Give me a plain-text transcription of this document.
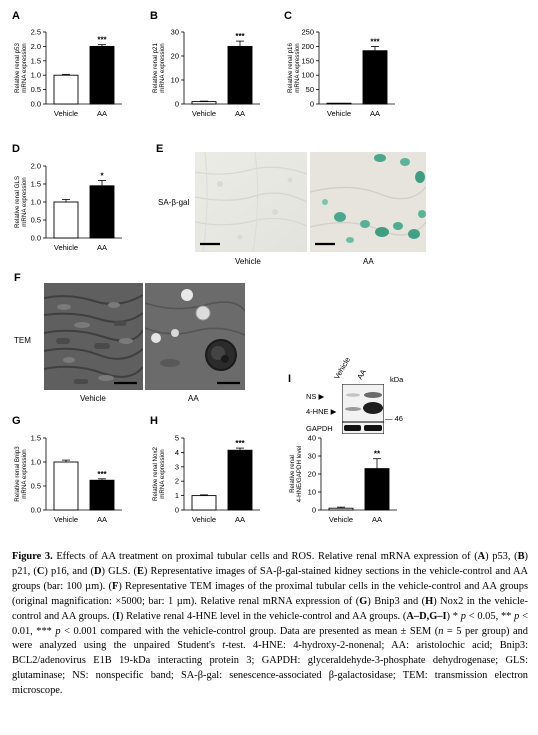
A	B	C
D	E
F
G	H
I
Relative renal p53mRNA expression
0.0
0.5
1.0
1.5
2.0
2.5
Vehicle	AA
***
Relative renal p21mRNA expression
0
10
20
30
Vehicle	AA
***
Relative renal p16mRNA expression
0
50
100
150
200
250
Vehicle	AA
***
Relative renal GLSmRNA expression
0.0
0.5
1.0
1.5
2.0
Vehicle	AA
*
Relative renal Bnip3mRNA expression
0.0
0.5
1.0
1.5
Vehicle	AA
***	Relative renal Nox2mRNA expression
0
1
2
3
4
5
Vehicle	AA
***
Relative renal4-HNE/GAPDH level
0
10
20
30
40
Vehicle	AA
**
SA-β-gal
Vehicle	AA
TEM
Vehicle	AA
Vehicle AA	kDa
NS ▶
4-HNE ▶
GAPDH
— 46
Figure 3. Effects of AA treatment on proximal tubular cells and ROS. Relative renal mRNA expression of (A) p53, (B) p21, (C) p16, and (D) GLS. (E) Representative images of SA-β-gal-stained kidney sections in the vehicle-control and AA groups (bar: 100 µm). (F) Representative TEM images of the proximal tubular cells in the vehicle-control and AA groups (original magnification: ×5000; bar: 1 µm). Relative renal mRNA expression of (G) Bnip3 and (H) Nox2 in the vehicle-control and AA groups. (I) Relative renal 4-HNE level in the vehicle-control and AA groups. (A–D,G–I) * p < 0.05, ** p < 0.01, *** p < 0.001 compared with the vehicle-control group. Data are presented as mean ± SEM (n = 5 per group) and were analyzed using the unpaired Student's t-test. 4-HNE: 4-hydroxy-2-nonenal; AA: aristolochic acid; Bnip3: BCL2/adenovirus E1B 19-kDa interacting protein 3; GAPDH: glyceraldehyde-3-phosphate dehydrogenase; GLS: glutaminase; NS: nonspecific band; SA-β-gal: senescence-associated β-galactosidase; TEM: transmission electron microscope.
